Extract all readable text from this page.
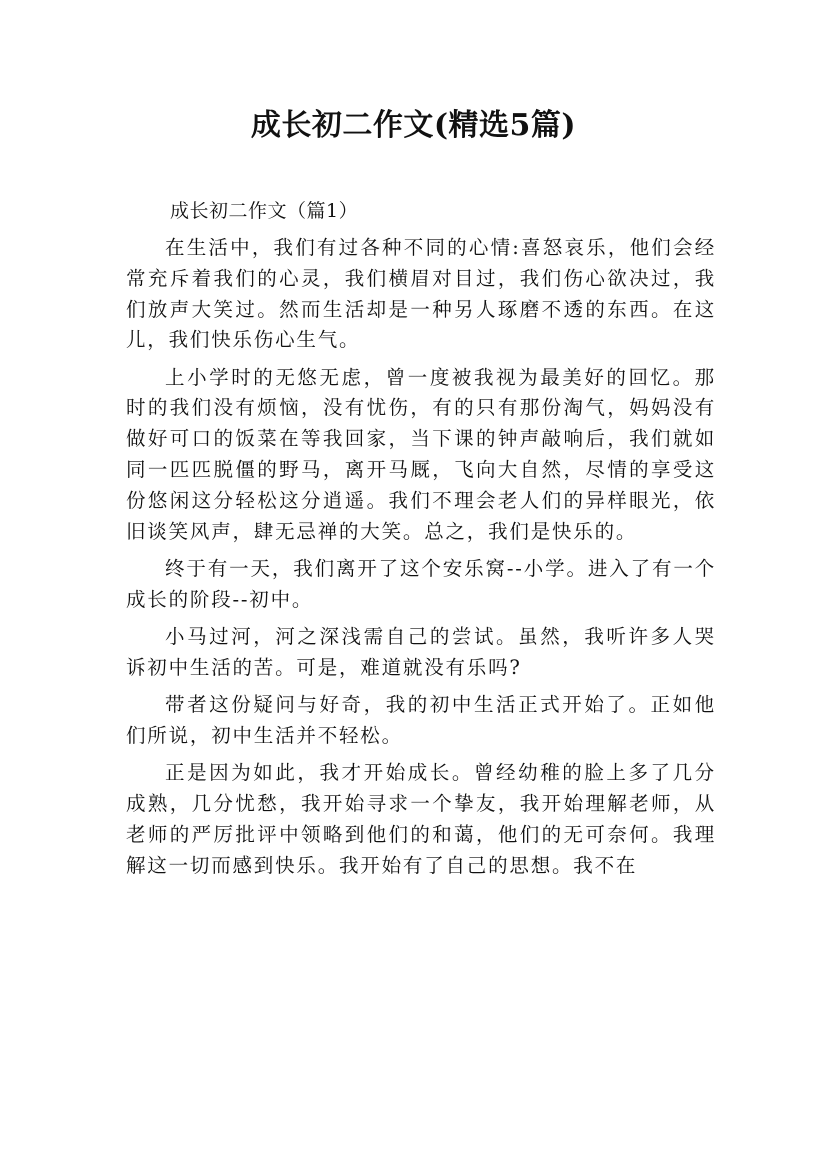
成长初二作文(精选5篇)
成长初二作文（篇1）

在生活中，我们有过各种不同的心情:喜怒哀乐，他们会经常充斥着我们的心灵，我们横眉对目过，我们伤心欲决过，我们放声大笑过。然而生活却是一种另人琢磨不透的东西。在这儿，我们快乐伤心生气。

上小学时的无悠无虑，曾一度被我视为最美好的回忆。那时的我们没有烦恼，没有忧伤，有的只有那份淘气，妈妈没有做好可口的饭菜在等我回家，当下课的钟声敲响后，我们就如同一匹匹脱僵的野马，离开马厩，飞向大自然，尽情的享受这份悠闲这分轻松这分逍遥。我们不理会老人们的异样眼光，依旧谈笑风声，肆无忌禅的大笑。总之，我们是快乐的。

终于有一天，我们离开了这个安乐窝--小学。进入了有一个成长的阶段--初中。

小马过河，河之深浅需自己的尝试。虽然，我听许多人哭诉初中生活的苦。可是，难道就没有乐吗?

带者这份疑问与好奇，我的初中生活正式开始了。正如他们所说，初中生活并不轻松。

正是因为如此，我才开始成长。曾经幼稚的脸上多了几分成熟，几分忧愁，我开始寻求一个挚友，我开始理解老师，从老师的严厉批评中领略到他们的和蔼，他们的无可奈何。我理解这一切而感到快乐。我开始有了自己的思想。我不在
